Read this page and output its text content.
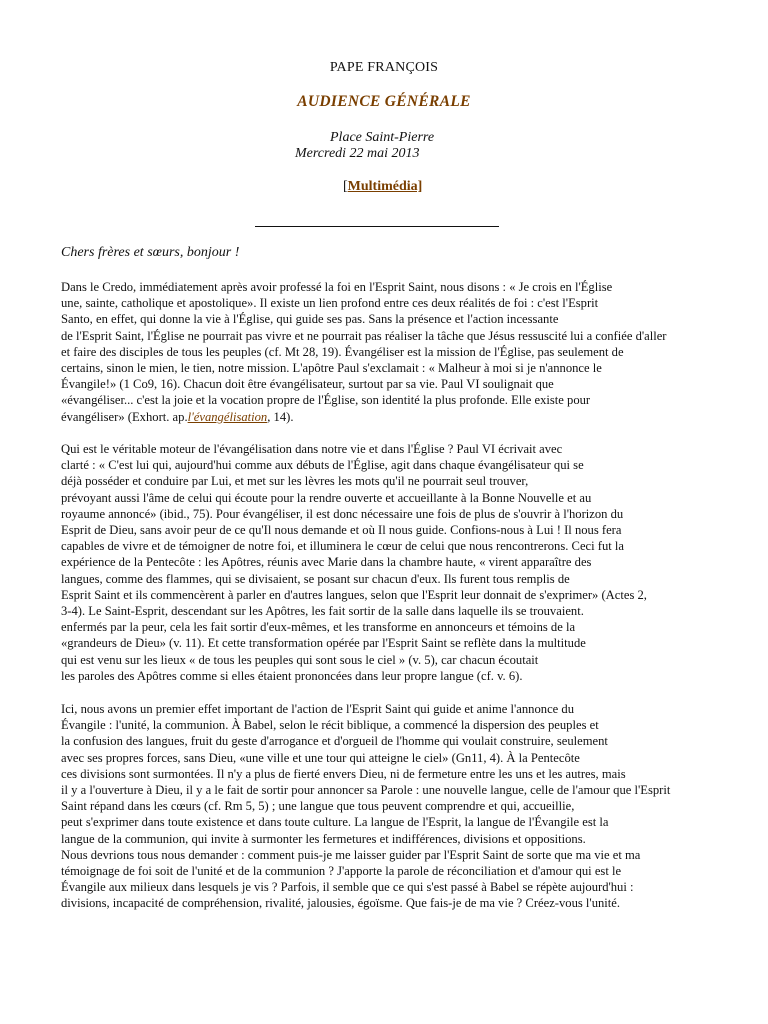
PAPE FRANÇOIS
AUDIENCE GÉNÉRALE
Place Saint-Pierre
Mercredi 22 mai 2013
[Multimédia]
Chers frères et sœurs, bonjour !

Dans le Credo, immédiatement après avoir professé la foi en l'Esprit Saint, nous disons : « Je crois en l'Église

une, sainte, catholique et apostolique». Il existe un lien profond entre ces deux réalités de foi : c'est l'Esprit

Santo, en effet, qui donne la vie à l'Église, qui guide ses pas. Sans la présence et l'action incessante

de l'Esprit Saint, l'Église ne pourrait pas vivre et ne pourrait pas réaliser la tâche que Jésus ressuscité lui a confiée d'aller

et faire des disciples de tous les peuples (cf. Mt 28, 19). Évangéliser est la mission de l'Église, pas seulement de

certains, sinon le mien, le tien, notre mission. L'apôtre Paul s'exclamait : « Malheur à moi si je n'annonce le

Évangile!» (1 Co9, 16). Chacun doit être évangélisateur, surtout par sa vie. Paul VI soulignait que

«évangéliser... c'est la joie et la vocation propre de l'Église, son identité la plus profonde. Elle existe pour

évangéliser» (Exhort. ap.l'évangélisation, 14).

Qui est le véritable moteur de l'évangélisation dans notre vie et dans l'Église ? Paul VI écrivait avec

clarté : « C'est lui qui, aujourd'hui comme aux débuts de l'Église, agit dans chaque évangélisateur qui se

déjà posséder et conduire par Lui, et met sur les lèvres les mots qu'il ne pourrait seul trouver,

prévoyant aussi l'âme de celui qui écoute pour la rendre ouverte et accueillante à la Bonne Nouvelle et au

royaume annoncé» (ibid., 75). Pour évangéliser, il est donc nécessaire une fois de plus de s'ouvrir à l'horizon du

Esprit de Dieu, sans avoir peur de ce qu'Il nous demande et où Il nous guide. Confions-nous à Lui ! Il nous fera

capables de vivre et de témoigner de notre foi, et illuminera le cœur de celui que nous rencontrerons. Ceci fut la

expérience de la Pentecôte : les Apôtres, réunis avec Marie dans la chambre haute, « virent apparaître des

langues, comme des flammes, qui se divisaient, se posant sur chacun d'eux. Ils furent tous remplis de

Esprit Saint et ils commencèrent à parler en d'autres langues, selon que l'Esprit leur donnait de s'exprimer» (Actes 2,

3-4). Le Saint-Esprit, descendant sur les Apôtres, les fait sortir de la salle dans laquelle ils se trouvaient.

enfermés par la peur, cela les fait sortir d'eux-mêmes, et les transforme en annonceurs et témoins de la

«grandeurs de Dieu» (v. 11). Et cette transformation opérée par l'Esprit Saint se reflète dans la multitude

qui est venu sur les lieux « de tous les peuples qui sont sous le ciel » (v. 5), car chacun écoutait

les paroles des Apôtres comme si elles étaient prononcées dans leur propre langue (cf. v. 6).

Ici, nous avons un premier effet important de l'action de l'Esprit Saint qui guide et anime l'annonce du

Évangile : l'unité, la communion. À Babel, selon le récit biblique, a commencé la dispersion des peuples et

la confusion des langues, fruit du geste d'arrogance et d'orgueil de l'homme qui voulait construire, seulement

avec ses propres forces, sans Dieu, «une ville et une tour qui atteigne le ciel» (Gn11, 4). À la Pentecôte

ces divisions sont surmontées. Il n'y a plus de fierté envers Dieu, ni de fermeture entre les uns et les autres, mais

il y a l'ouverture à Dieu, il y a le fait de sortir pour annoncer sa Parole : une nouvelle langue, celle de l'amour que l'Esprit

Saint répand dans les cœurs (cf. Rm 5, 5) ; une langue que tous peuvent comprendre et qui, accueillie,

peut s'exprimer dans toute existence et dans toute culture. La langue de l'Esprit, la langue de l'Évangile est la

langue de la communion, qui invite à surmonter les fermetures et indifférences, divisions et oppositions.

Nous devrions tous nous demander : comment puis-je me laisser guider par l'Esprit Saint de sorte que ma vie et ma

témoignage de foi soit de l'unité et de la communion ? J'apporte la parole de réconciliation et d'amour qui est le

Évangile aux milieux dans lesquels je vis ? Parfois, il semble que ce qui s'est passé à Babel se répète aujourd'hui :

divisions, incapacité de compréhension, rivalité, jalousies, égoïsme. Que fais-je de ma vie ? Créez-vous l'unité.
